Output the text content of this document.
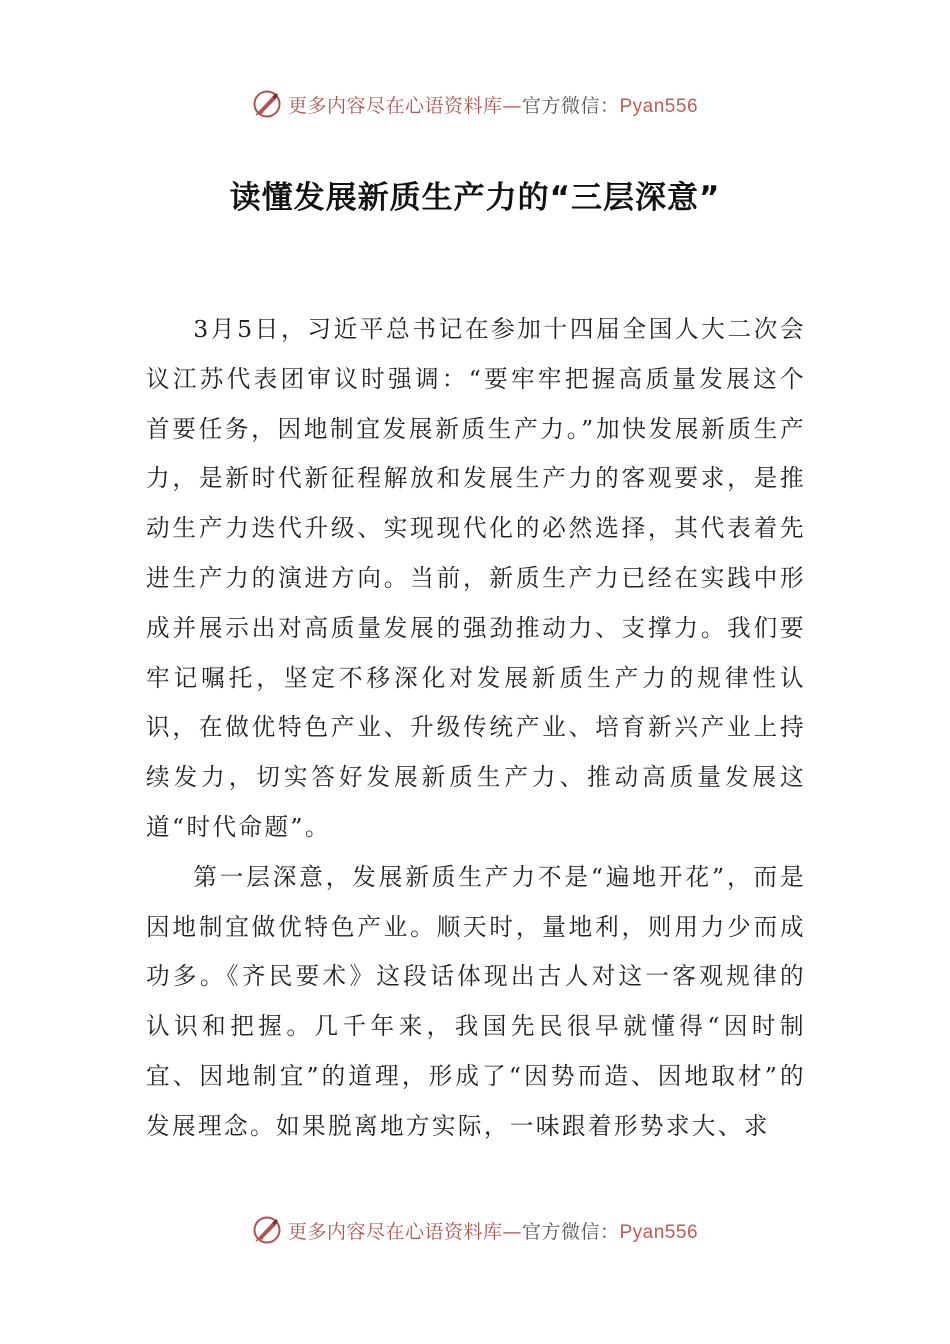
更多内容尽在心语资料库—官方微信：Pyan556
读懂发展新质生产力的“三层深意”

3月5日，习近平总书记在参加十四届全国人大二次会议江苏代表团审议时强调：“要牢牢把握高质量发展这个首要任务，因地制宜发展新质生产力。”加快发展新质生产力，是新时代新征程解放和发展生产力的客观要求，是推动生产力迭代升级、实现现代化的必然选择，其代表着先进生产力的演进方向。当前，新质生产力已经在实践中形成并展示出对高质量发展的强劲推动力、支撑力。我们要牢记嘱托，坚定不移深化对发展新质生产力的规律性认识，在做优特色产业、升级传统产业、培育新兴产业上持续发力，切实答好发展新质生产力、推动高质量发展这道“时代命题”。

第一层深意，发展新质生产力不是“遍地开花”，而是因地制宜做优特色产业。顺天时，量地利，则用力少而成功多。《齐民要术》这段话体现出古人对这一客观规律的认识和把握。几千年来，我国先民很早就懂得“因时制宜、因地制宜”的道理，形成了“因势而造、因地取材”的发展理念。如果脱离地方实际，一味跟着形势求大、求

更多内容尽在心语资料库—官方微信：Pyan556
